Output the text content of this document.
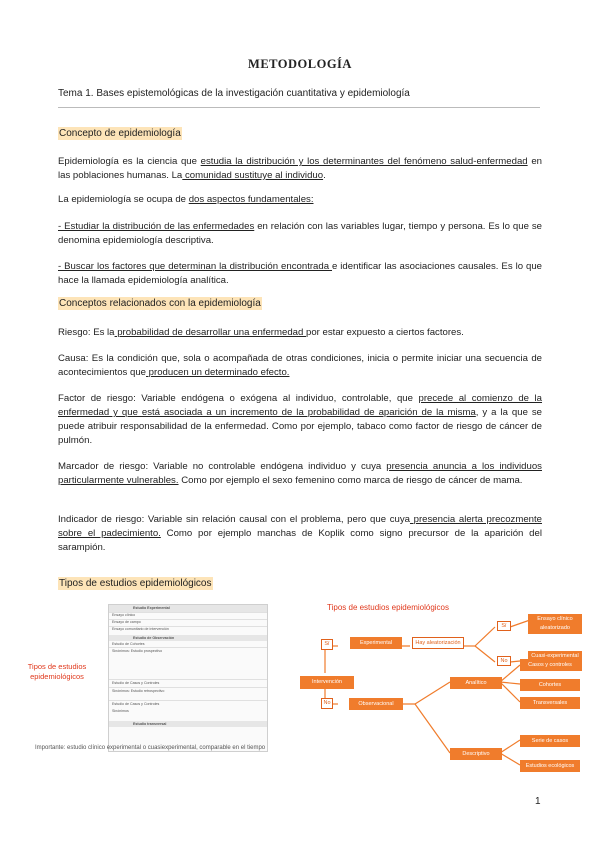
METODOLOGÍA
Tema 1. Bases epistemológicas de la investigación cuantitativa y epidemiología
Concepto de epidemiología
Epidemiología es la ciencia que estudia la distribución y los determinantes del fenómeno salud-enfermedad en las poblaciones humanas. La comunidad sustituye al individuo.
La epidemiología se ocupa de dos aspectos fundamentales:
- Estudiar la distribución de las enfermedades en relación con las variables lugar, tiempo y persona. Es lo que se denomina epidemiología descriptiva.
- Buscar los factores que determinan la distribución encontrada e identificar las asociaciones causales. Es lo que hace la llamada epidemiología analítica.
Conceptos relacionados con la epidemiología
Riesgo: Es la probabilidad de desarrollar una enfermedad por estar expuesto a ciertos factores.
Causa: Es la condición que, sola o acompañada de otras condiciones, inicia o permite iniciar una secuencia de acontecimientos que producen un determinado efecto.
Factor de riesgo: Variable endógena o exógena al individuo, controlable, que precede al comienzo de la enfermedad y que está asociada a un incremento de la probabilidad de aparición de la misma, y a la que se puede atribuir responsabilidad de la enfermedad. Como por ejemplo, tabaco como factor de riesgo de cáncer de pulmón.
Marcador de riesgo: Variable no controlable endógena individuo y cuya presencia anuncia a los individuos particularmente vulnerables. Como por ejemplo el sexo femenino como marca de riesgo de cáncer de mama.
Indicador de riesgo: Variable sin relación causal con el problema, pero que cuya presencia alerta precozmente sobre el padecimiento. Como por ejemplo manchas de Koplik como signo precursor de la aparición del sarampión.
Tipos de estudios epidemiológicos
Tipos de estudios epidemiológicos
Estudio Experimental
Ensayo clínico
Ensayo de campo
Ensayo comunitario de intervención
Estudio de Observación
Estudio de Cohortes
Sinónimos: Estudio prospectivo
Estudio de Casos y Controles
Sinónimos: Estudio retrospectivo
Estudio de Casos y Controles
Sinónimos
Estudio transversal
Tipos de estudios epidemiológicos
Sí	Experimental	Hay aleatorización
Intervención
No	Observacional
Sí
Ensayo clínico aleatorizado
No
Cuasi-experimental
Analítico
Casos y controles
Cohortes
Transversales
Descriptivo
Serie de casos
Estudios ecológicos
Importante: estudio clínico experimental o cuasiexperimental, comparable en el tiempo
1
